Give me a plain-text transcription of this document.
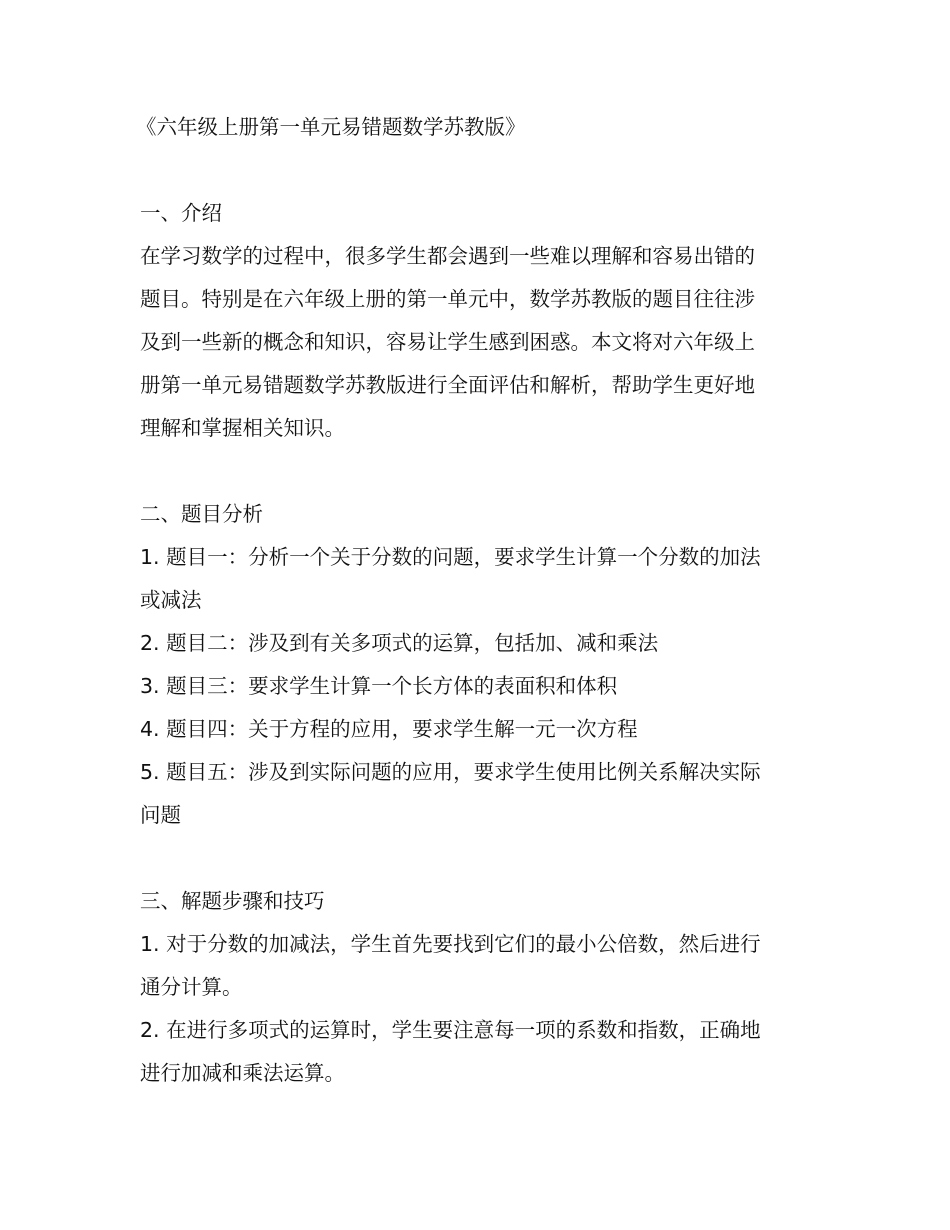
《六年级上册第一单元易错题数学苏教版》
一、介绍
在学习数学的过程中，很多学生都会遇到一些难以理解和容易出错的
题目。特别是在六年级上册的第一单元中，数学苏教版的题目往往涉
及到一些新的概念和知识，容易让学生感到困惑。本文将对六年级上
册第一单元易错题数学苏教版进行全面评估和解析，帮助学生更好地
理解和掌握相关知识。
二、题目分析
1. 题目一：分析一个关于分数的问题，要求学生计算一个分数的加法
或减法
2. 题目二：涉及到有关多项式的运算，包括加、减和乘法
3. 题目三：要求学生计算一个长方体的表面积和体积
4. 题目四：关于方程的应用，要求学生解一元一次方程
5. 题目五：涉及到实际问题的应用，要求学生使用比例关系解决实际
问题
三、解题步骤和技巧
1. 对于分数的加减法，学生首先要找到它们的最小公倍数，然后进行
通分计算。
2. 在进行多项式的运算时，学生要注意每一项的系数和指数，正确地
进行加减和乘法运算。
